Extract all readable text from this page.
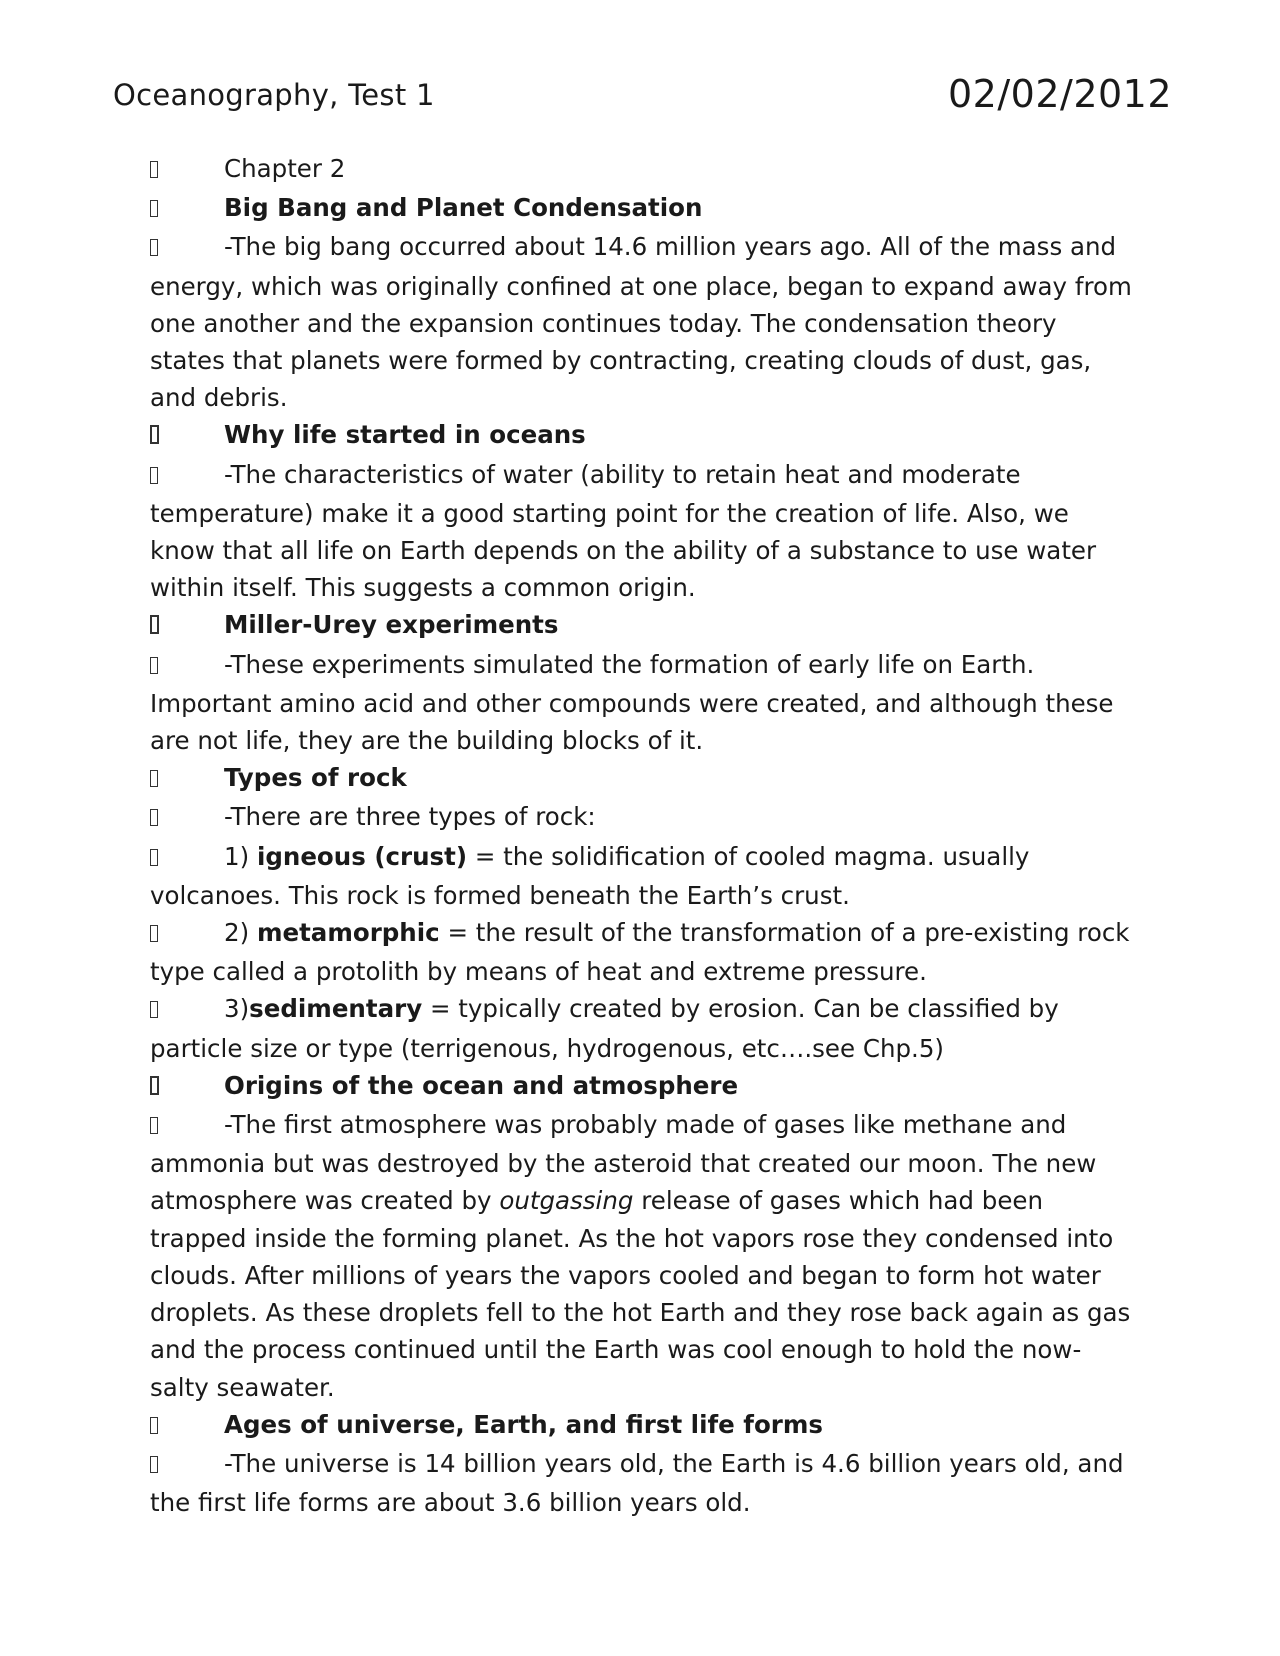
Oceanography, Test 1	02/02/2012

Chapter 2

Big Bang and Planet Condensation

-The big bang occurred about 14.6 million years ago. All of the mass and energy, which was originally confined at one place, began to expand away from one another and the expansion continues today. The condensation theory states that planets were formed by contracting, creating clouds of dust, gas, and debris.

Why life started in oceans

-The characteristics of water (ability to retain heat and moderate temperature) make it a good starting point for the creation of life. Also, we know that all life on Earth depends on the ability of a substance to use water within itself. This suggests a common origin.

Miller-Urey experiments

-These experiments simulated the formation of early life on Earth. Important amino acid and other compounds were created, and although these are not life, they are the building blocks of it.

Types of rock

-There are three types of rock:

1) igneous (crust) = the solidification of cooled magma. usually volcanoes. This rock is formed beneath the Earth’s crust.

2) metamorphic = the result of the transformation of a pre-existing rock type called a protolith by means of heat and extreme pressure.

3)sedimentary = typically created by erosion. Can be classified by particle size or type (terrigenous, hydrogenous, etc….see Chp.5)

Origins of the ocean and atmosphere

-The first atmosphere was probably made of gases like methane and ammonia but was destroyed by the asteroid that created our moon. The new atmosphere was created by outgassing release of gases which had been trapped inside the forming planet. As the hot vapors rose they condensed into clouds. After millions of years the vapors cooled and began to form hot water droplets. As these droplets fell to the hot Earth and they rose back again as gas and the process continued until the Earth was cool enough to hold the now-salty seawater.

Ages of universe, Earth, and first life forms

-The universe is 14 billion years old, the Earth is 4.6 billion years old, and the first life forms are about 3.6 billion years old.
